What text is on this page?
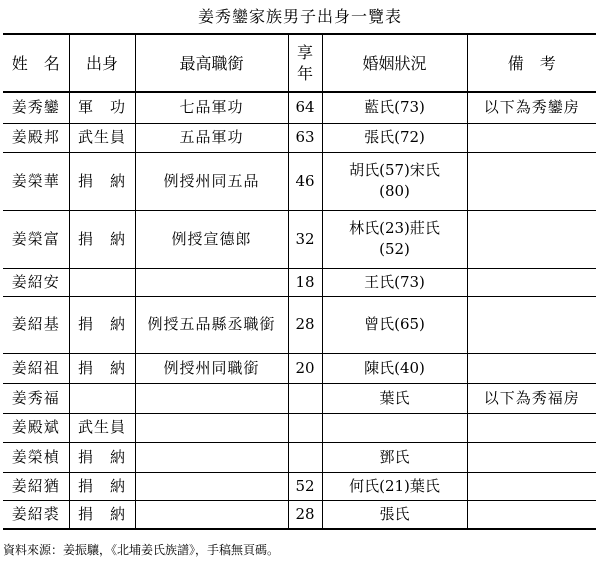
姜秀鑾家族男子出身一覽表
姓　名	出身	最高職銜	享年	婚姻狀況	備　考
姜秀鑾	軍　功	七品軍功	64	藍氏(73)	以下為秀鑾房
姜殿邦	武生員	五品軍功	63	張氏(72)	
姜榮華	捐　納	例授州同五品	46	胡氏(57)宋氏(80)	
姜榮富	捐　納	例授宣德郎	32	林氏(23)莊氏(52)	
姜紹安			18	王氏(73)	
姜紹基	捐　納	例授五品縣丞職銜	28	曾氏(65)	
姜紹祖	捐　納	例授州同職銜	20	陳氏(40)	
姜秀福				葉氏	以下為秀福房
姜殿斌	武生員				
姜榮楨	捐　納			鄧氏	
姜紹猶	捐　納		52	何氏(21)葉氏	
姜紹裘	捐　納		28	張氏	
資料來源：姜振驤，《北埔姜氏族譜》，手稿無頁碼。
